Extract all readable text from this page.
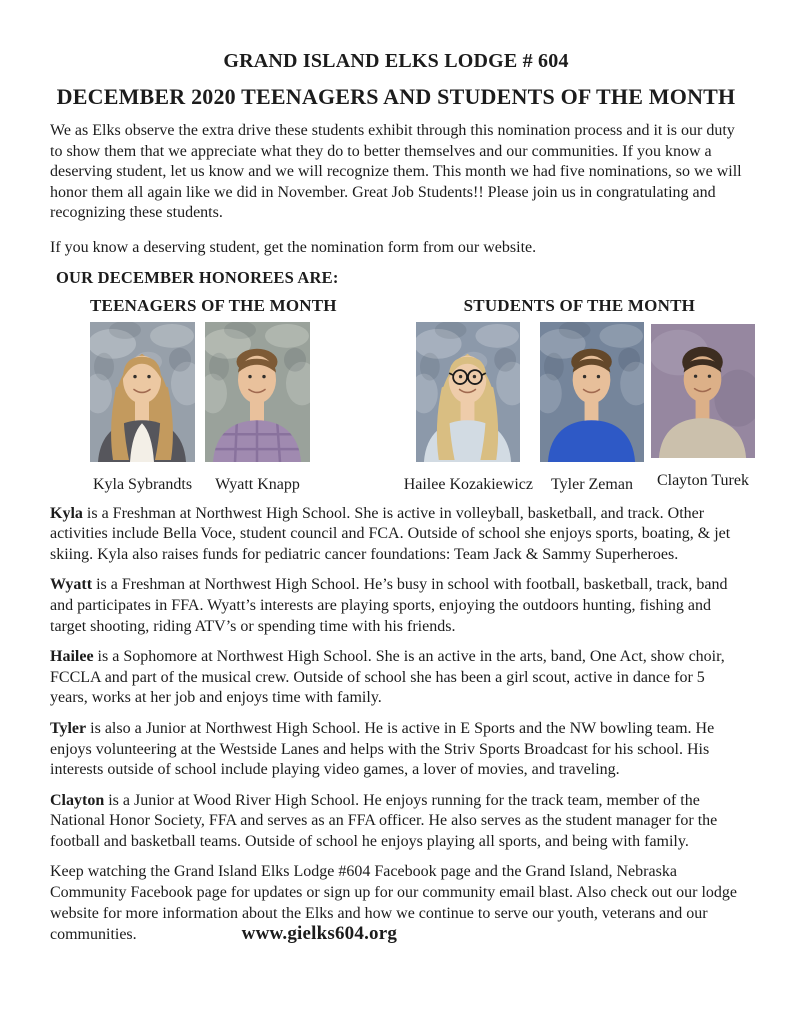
GRAND ISLAND ELKS LODGE # 604
DECEMBER 2020 TEENAGERS AND STUDENTS OF THE MONTH

We as Elks observe the extra drive these students exhibit through this nomination process and it is our duty to show them that we appreciate what they do to better themselves and our communities. If you know a deserving student, let us know and we will recognize them. This month we had five nominations, so we will honor them all again like we did in November. Great Job Students!! Please join us in congratulating and recognizing these students.

If you know a deserving student, get the nomination form from our website.

OUR DECEMBER HONOREES ARE:
TEENAGERS OF THE MONTH
Kyla Sybrandts Wyatt Knapp
STUDENTS OF THE MONTH
Hailee Kozakiewicz Tyler Zeman Clayton Turek

Kyla is a Freshman at Northwest High School. She is active in volleyball, basketball, and track. Other activities include Bella Voce, student council and FCA. Outside of school she enjoys sports, boating, & jet skiing. Kyla also raises funds for pediatric cancer foundations: Team Jack & Sammy Superheroes.

Wyatt is a Freshman at Northwest High School. He’s busy in school with football, basketball, track, band and participates in FFA. Wyatt’s interests are playing sports, enjoying the outdoors hunting, fishing and target shooting, riding ATV’s or spending time with his friends.

Hailee is a Sophomore at Northwest High School. She is an active in the arts, band, One Act, show choir, FCCLA and part of the musical crew. Outside of school she has been a girl scout, active in dance for 5 years, works at her job and enjoys time with family.

Tyler is also a Junior at Northwest High School. He is active in E Sports and the NW bowling team. He enjoys volunteering at the Westside Lanes and helps with the Striv Sports Broadcast for his school. His interests outside of school include playing video games, a lover of movies, and traveling.

Clayton is a Junior at Wood River High School. He enjoys running for the track team, member of the National Honor Society, FFA and serves as an FFA officer. He also serves as the student manager for the football and basketball teams. Outside of school he enjoys playing all sports, and being with family.

Keep watching the Grand Island Elks Lodge #604 Facebook page and the Grand Island, Nebraska Community Facebook page for updates or sign up for our community email blast. Also check out our lodge website for more information about the Elks and how we continue to serve our youth, veterans and our communities.	www.gielks604.org
